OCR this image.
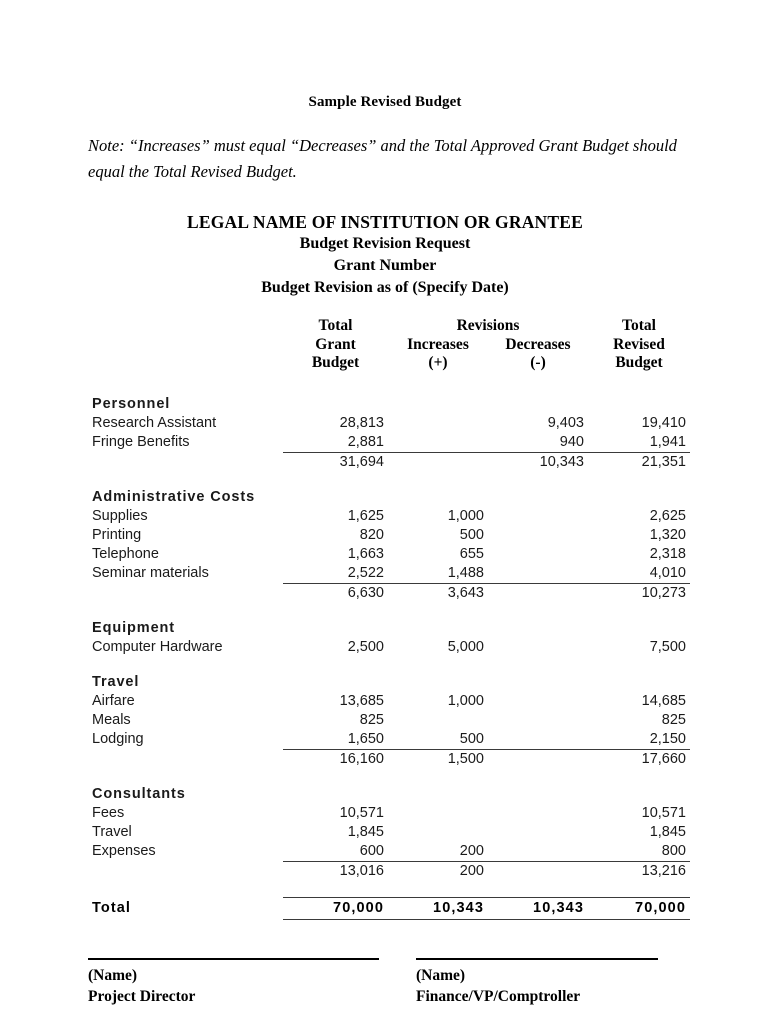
Sample Revised Budget
Note: “Increases” must equal “Decreases” and the Total Approved Grant Budget should equal the Total Revised Budget.
LEGAL NAME OF INSTITUTION OR GRANTEE
Budget Revision Request
Grant Number
Budget Revision as of (Specify Date)
	Total	Revisions		Total
	Grant	Increases	Decreases	Revised
	Budget	(+)	(-)	Budget

Personnel				
Research Assistant	28,813		9,403	19,410
Fringe Benefits	2,881		940	1,941
	31,694		10,343	21,351

Administrative Costs				
Supplies	1,625	1,000		2,625
Printing	820	500		1,320
Telephone	1,663	655		2,318
Seminar materials	2,522	1,488		4,010
	6,630	3,643		10,273

Equipment				
Computer Hardware	2,500	5,000		7,500

Travel				
Airfare	13,685	1,000		14,685
Meals	825			825
Lodging	1,650	500		2,150
	16,160	1,500		17,660

Consultants				
Fees	10,571			10,571
Travel	1,845			1,845
Expenses	600	200		800
	13,016	200		13,216

Total	70,000	10,343	10,343	70,000
(Name)
Project Director
(Name)
Finance/VP/Comptroller
